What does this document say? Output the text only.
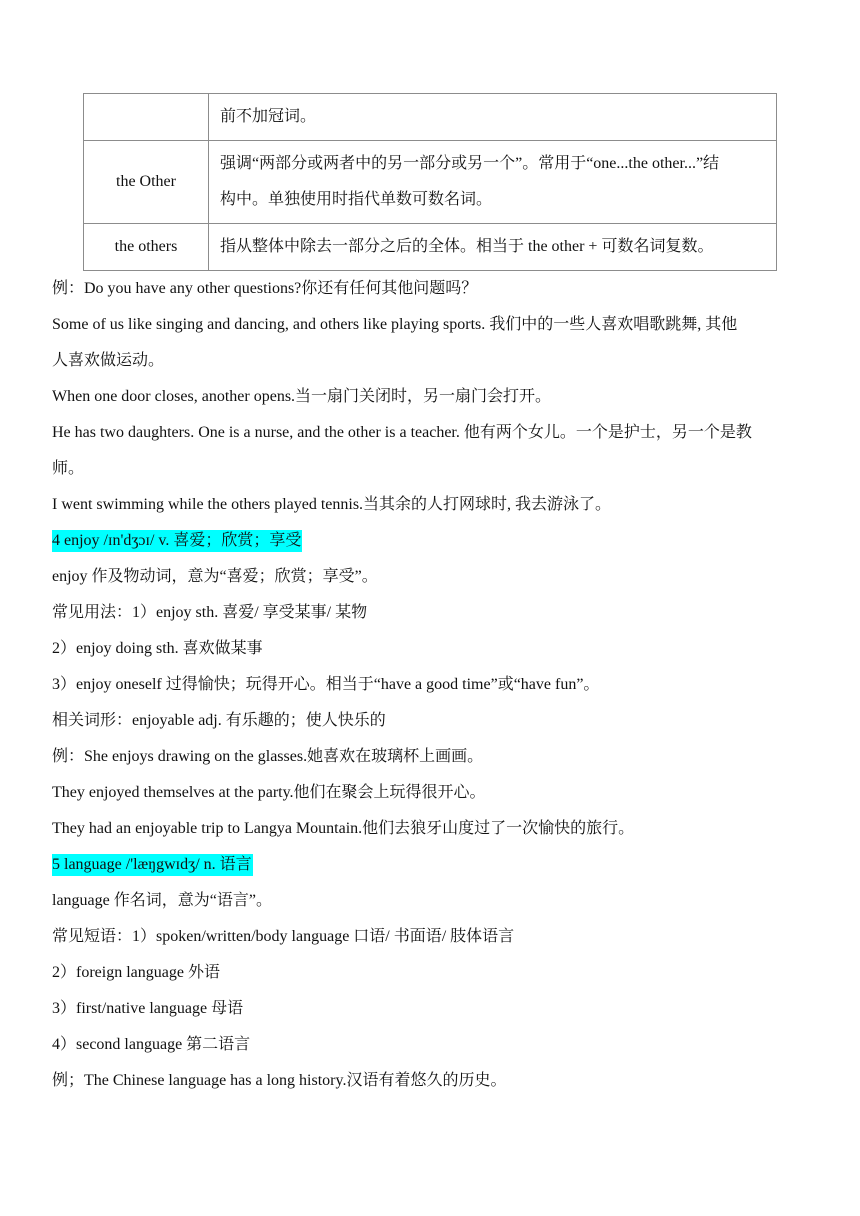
	前不加冠词。
the Other	强调“两部分或两者中的另一部分或另一个”。常用于“one...the other...”结
构中。单独使用时指代单数可数名词。

the others	指从整体中除去一部分之后的全体。相当于 the other + 可数名词复数。
例：Do you have any other questions?你还有任何其他问题吗？
Some of us like singing and dancing, and others like playing sports. 我们中的一些人喜欢唱歌跳舞, 其他
人喜欢做运动。
When one door closes, another opens.当一扇门关闭时，另一扇门会打开。
He has two daughters. One is a nurse, and the other is a teacher. 他有两个女儿。一个是护士，另一个是教
师。
I went swimming while the others played tennis.当其余的人打网球时, 我去游泳了。
4 enjoy /ɪn'dʒɔɪ/ v. 喜爱；欣赏；享受
enjoy 作及物动词，意为“喜爱；欣赏；享受”。
常见用法：1）enjoy sth. 喜爱/ 享受某事/ 某物
2）enjoy doing sth. 喜欢做某事
3）enjoy oneself 过得愉快；玩得开心。相当于“have a good time”或“have fun”。
相关词形：enjoyable adj. 有乐趣的；使人快乐的
例：She enjoys drawing on the glasses.她喜欢在玻璃杯上画画。
They enjoyed themselves at the party.他们在聚会上玩得很开心。
They had an enjoyable trip to Langya Mountain.他们去狼牙山度过了一次愉快的旅行。
5 language /'læŋgwɪdʒ/ n. 语言
language 作名词，意为“语言”。
常见短语：1）spoken/written/body language 口语/ 书面语/ 肢体语言
2）foreign language 外语
3）first/native language 母语
4）second language 第二语言
例；The Chinese language has a long history.汉语有着悠久的历史。
